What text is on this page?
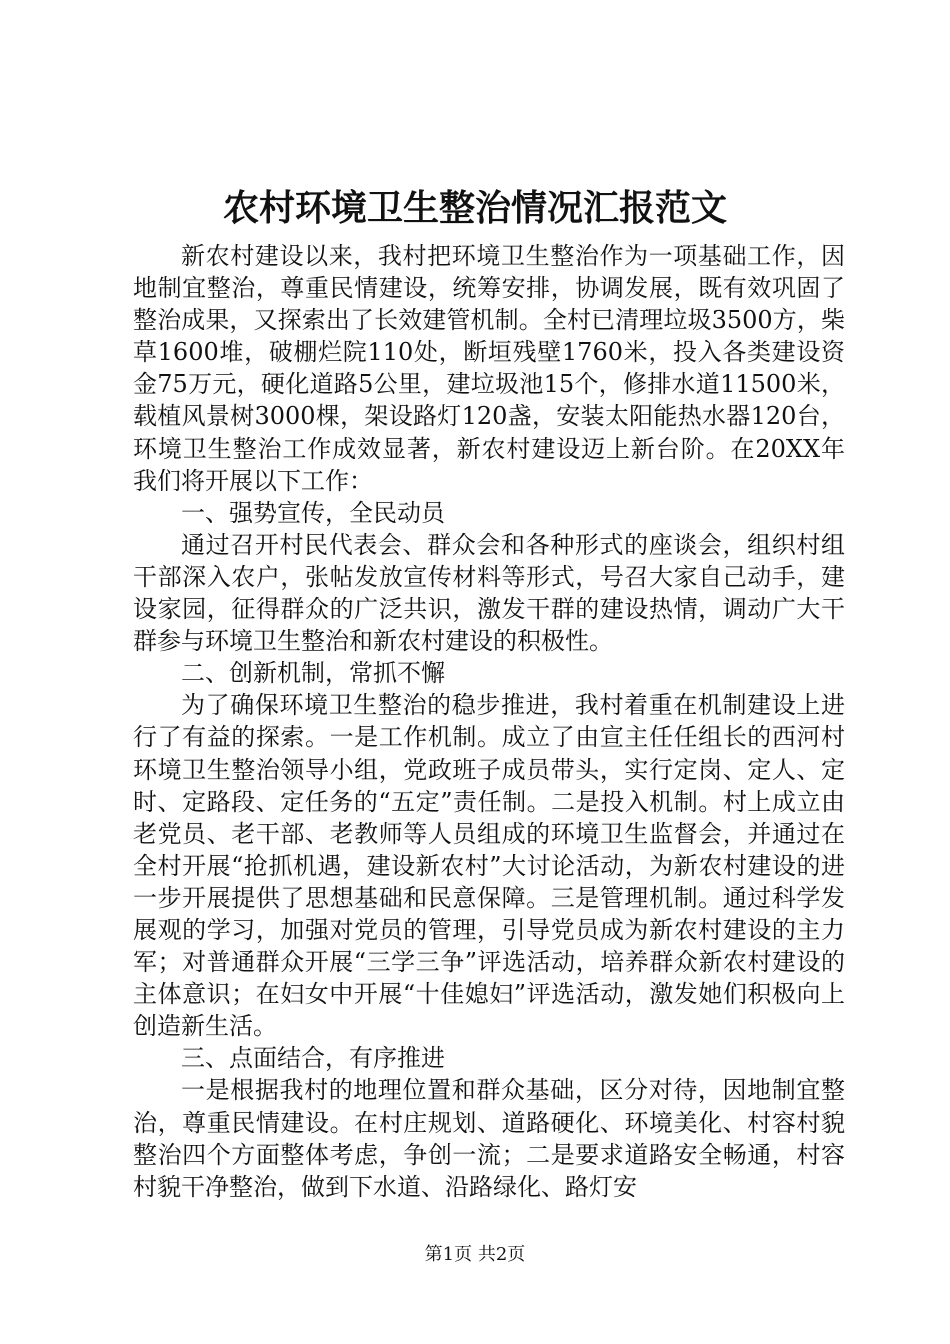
农村环境卫生整治情况汇报范文

新农村建设以来，我村把环境卫生整治作为一项基础工作，因地制宜整治，尊重民情建设，统筹安排，协调发展，既有效巩固了整治成果，又探索出了长效建管机制。全村已清理垃圾3500方，柴草1600堆，破棚烂院110处，断垣残壁1760米，投入各类建设资金75万元，硬化道路5公里，建垃圾池15个，修排水道11500米，载植风景树3000棵，架设路灯120盏，安装太阳能热水器120台，环境卫生整治工作成效显著，新农村建设迈上新台阶。在20XX年我们将开展以下工作：

一、强势宣传，全民动员

通过召开村民代表会、群众会和各种形式的座谈会，组织村组干部深入农户，张帖发放宣传材料等形式，号召大家自己动手，建设家园，征得群众的广泛共识，激发干群的建设热情，调动广大干群参与环境卫生整治和新农村建设的积极性。

二、创新机制，常抓不懈

为了确保环境卫生整治的稳步推进，我村着重在机制建设上进行了有益的探索。一是工作机制。成立了由宣主任任组长的西河村环境卫生整治领导小组，党政班子成员带头，实行定岗、定人、定时、定路段、定任务的“五定”责任制。二是投入机制。村上成立由老党员、老干部、老教师等人员组成的环境卫生监督会，并通过在全村开展“抢抓机遇，建设新农村”大讨论活动，为新农村建设的进一步开展提供了思想基础和民意保障。三是管理机制。通过科学发展观的学习，加强对党员的管理，引导党员成为新农村建设的主力军；对普通群众开展“三学三争”评选活动，培养群众新农村建设的主体意识；在妇女中开展“十佳媳妇”评选活动，激发她们积极向上创造新生活。

三、点面结合，有序推进

一是根据我村的地理位置和群众基础，区分对待，因地制宜整治，尊重民情建设。在村庄规划、道路硬化、环境美化、村容村貌整治四个方面整体考虑，争创一流；二是要求道路安全畅通，村容村貌干净整治，做到下水道、沿路绿化、路灯安

第1页 共2页
